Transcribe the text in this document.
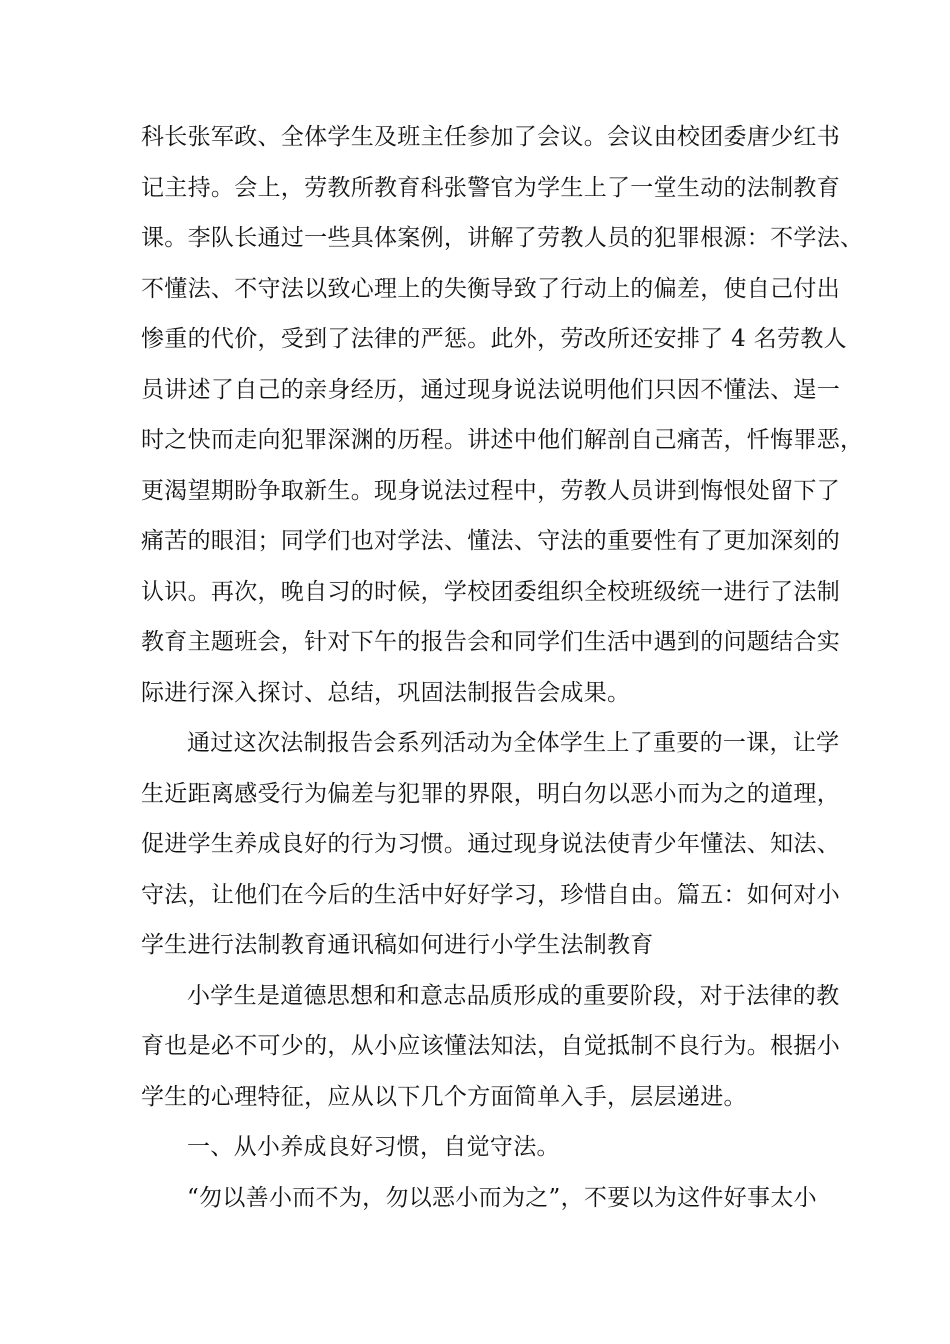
科长张军政、全体学生及班主任参加了会议。会议由校团委唐少红书
记主持。会上，劳教所教育科张警官为学生上了一堂生动的法制教育
课。李队长通过一些具体案例，讲解了劳教人员的犯罪根源：不学法、
不懂法、不守法以致心理上的失衡导致了行动上的偏差，使自己付出
惨重的代价，受到了法律的严惩。此外，劳改所还安排了 4 名劳教人
员讲述了自己的亲身经历，通过现身说法说明他们只因不懂法、逞一
时之快而走向犯罪深渊的历程。讲述中他们解剖自己痛苦，忏悔罪恶，
更渴望期盼争取新生。现身说法过程中，劳教人员讲到悔恨处留下了
痛苦的眼泪；同学们也对学法、懂法、守法的重要性有了更加深刻的
认识。再次，晚自习的时候，学校团委组织全校班级统一进行了法制
教育主题班会，针对下午的报告会和同学们生活中遇到的问题结合实
际进行深入探讨、总结，巩固法制报告会成果。
通过这次法制报告会系列活动为全体学生上了重要的一课，让学
生近距离感受行为偏差与犯罪的界限，明白勿以恶小而为之的道理，
促进学生养成良好的行为习惯。通过现身说法使青少年懂法、知法、
守法，让他们在今后的生活中好好学习，珍惜自由。篇五：如何对小
学生进行法制教育通讯稿如何进行小学生法制教育
小学生是道德思想和和意志品质形成的重要阶段，对于法律的教
育也是必不可少的，从小应该懂法知法，自觉抵制不良行为。根据小
学生的心理特征，应从以下几个方面简单入手，层层递进。
一、从小养成良好习惯，自觉守法。
“勿以善小而不为，勿以恶小而为之”，不要以为这件好事太小
